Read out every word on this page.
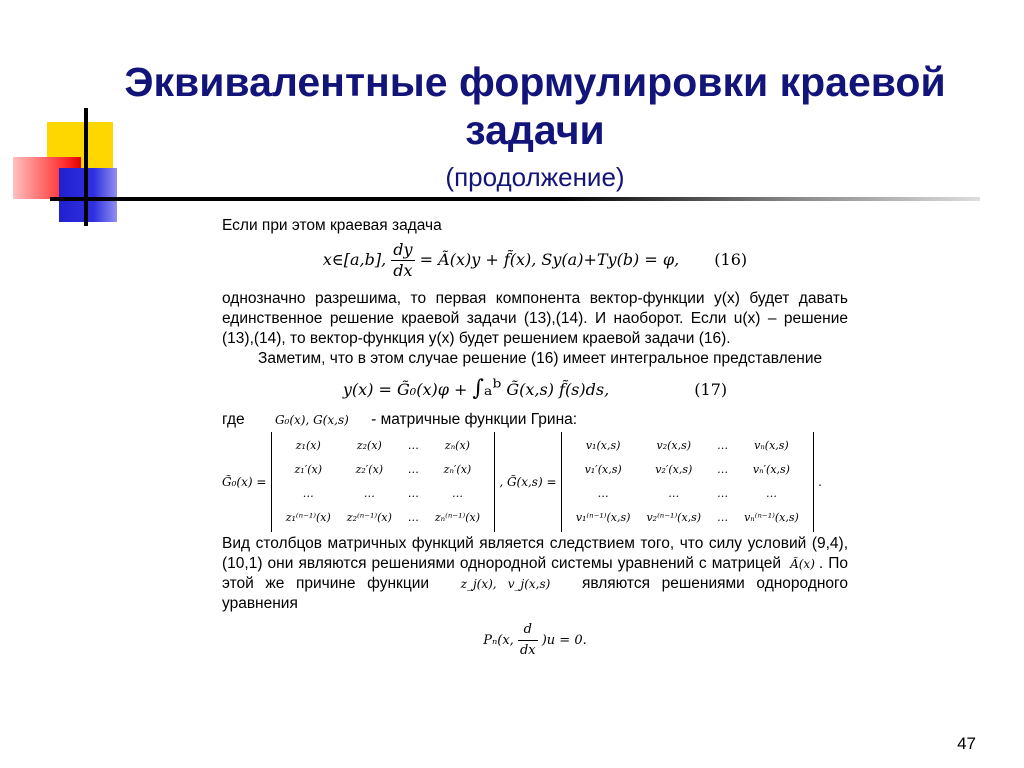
Эквивалентные формулировки краевой задачи
(продолжение)

Если при этом краевая задача

x∈[a,b], $\frac{dy}{dx}$ = Ã(x)y + f̃(x), Sy(a)+Ty(b) = φ, (16)

однозначно разрешима, то первая компонента вектор-функции y(x) будет давать единственное решение краевой задачи (13),(14). И наоборот. Если u(x) – решение (13),(14), то вектор-функция y(x) будет решением краевой задачи (16).

Заметим, что в этом случае решение (16) имеет интегральное представление

y(x) = G̃₀(x)φ + ∫ₐᵇ G̃(x,s) f̃(s)ds,	(17)

где	G₀(x), G(x,s) - матричные функции Грина:

G̃₀(x) =
z₁(x)	z₂(x)	…	zₙ(x)
z₁′(x)	z₂′(x)	…	zₙ′(x)
…	…	…	…
z₁⁽ⁿ⁻¹⁾(x)	z₂⁽ⁿ⁻¹⁾(x)	…	zₙ⁽ⁿ⁻¹⁾(x)
, G̃(x,s) =
v₁(x,s)	v₂(x,s)	…	vₙ(x,s)
v₁′(x,s)	v₂′(x,s)	…	vₙ′(x,s)
…	…	…	…
v₁⁽ⁿ⁻¹⁾(x,s)	v₂⁽ⁿ⁻¹⁾(x,s)	…	vₙ⁽ⁿ⁻¹⁾(x,s)
.

Вид столбцов матричных функций является следствием того, что силу условий (9,4), (10,1) они являются решениями однородной системы уравнений с матрицей Ã(x) . По этой же причине функции	z_j(x), v_j(x,s) являются решениями однородного уравнения

Pₙ(x, $\frac{d}{dx} )u = 0$.
47
